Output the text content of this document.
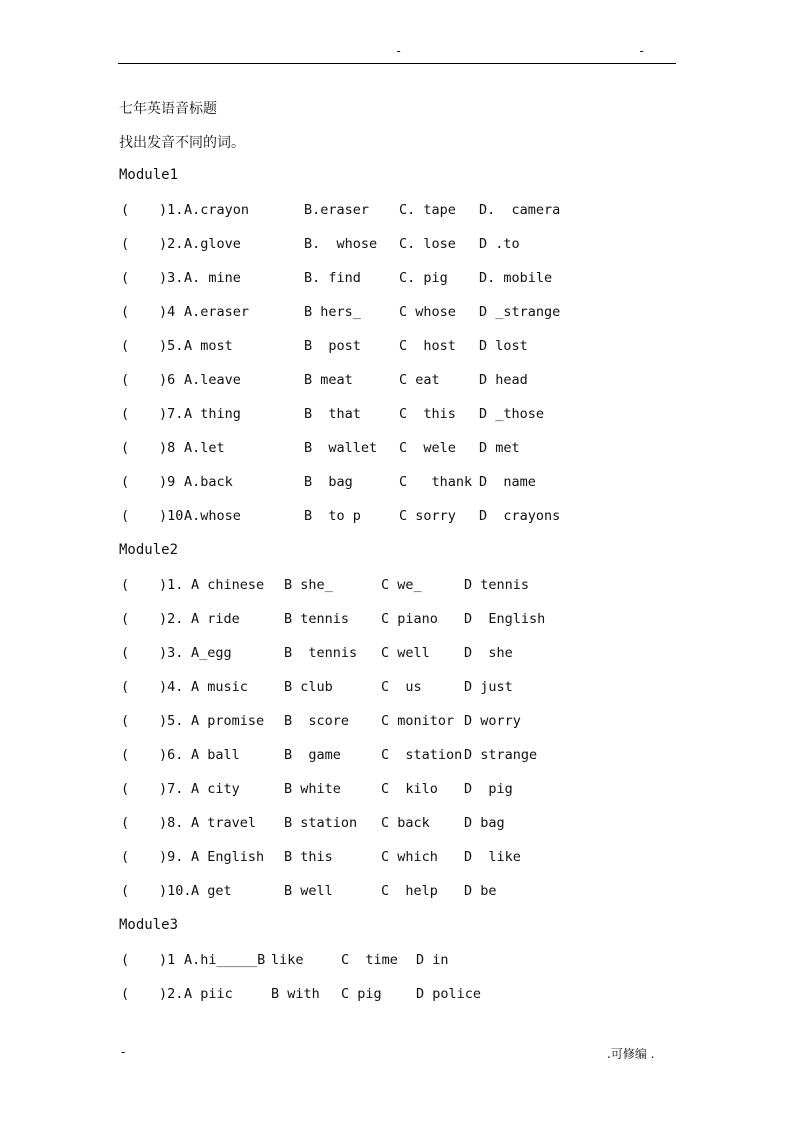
-	-
七年英语音标题
找出发音不同的词。
Module1
( )1. A.crayon	B.eraser C. tape D.  camera
( )2. A.glove	B.  whose C. lose D .to
( )3. A. mine	B. find	C. pig D. mobile
( )4 A.eraser	B hers_	C whose D _strange
( )5. A most	B  post	C  host D lost
( )6 A.leave	B meat	C eat	D head
( )7. A thing	B  that	C  this D _those
( )8 A.let	B  wallet C  wele D met
( )9 A.back	B  bag	C   thank D  name
( )10 A.whose	B  to p	C sorry D  crayons
Module2
( )1. A chinese B she_	C we_	D tennis
( )2. A ride	B tennis C piano D  English
( )3. A_egg	B  tennis C well	D  she
( )4. A music	B club	C  us	D just
( )5. A promise B  score C monitor D worry
( )6. A ball	B  game	C  station D strange
( )7. A city	B white	C  kilo D  pig
( )8. A travel B station C back	D bag
( )9. A English B this	C which D  like
( )10. A get	B well	C  help D be
Module3
( )1 A.hi_____B like	C  time D in
( )2. A piic	B with C pig	D police
-	.可修编 .
